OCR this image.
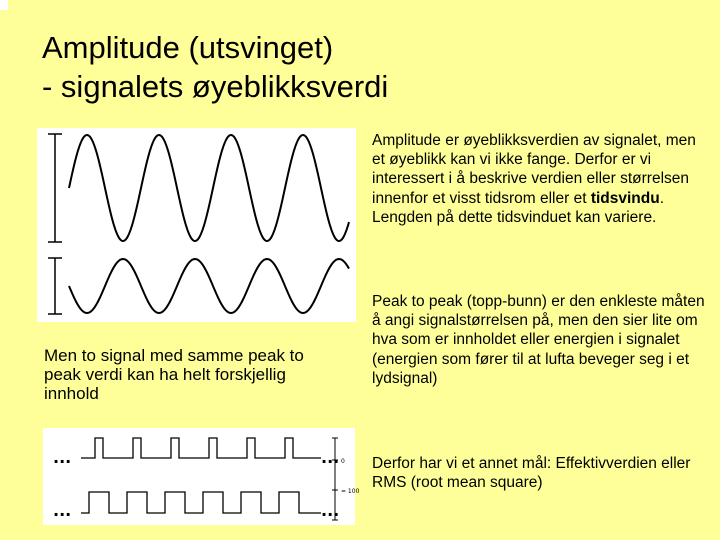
Amplitude (utsvinget)
- signalets øyeblikksverdi
Men to signal med samme peak to peak verdi kan ha helt forskjellig innhold
...
...
...
...
0
= 100
Amplitude er øyeblikksverdien av signalet, men et øyeblikk kan vi ikke fange. Derfor er vi interessert i å beskrive verdien eller størrelsen innenfor et visst tidsrom eller et tidsvindu. Lengden på dette tidsvinduet kan variere.
Peak to peak (topp-bunn) er den enkleste måten å angi signalstørrelsen på, men den sier lite om hva som er innholdet eller energien i signalet (energien som fører til at lufta beveger seg i et lydsignal)
Derfor har vi et annet mål: Effektivverdien eller RMS (root mean square)
